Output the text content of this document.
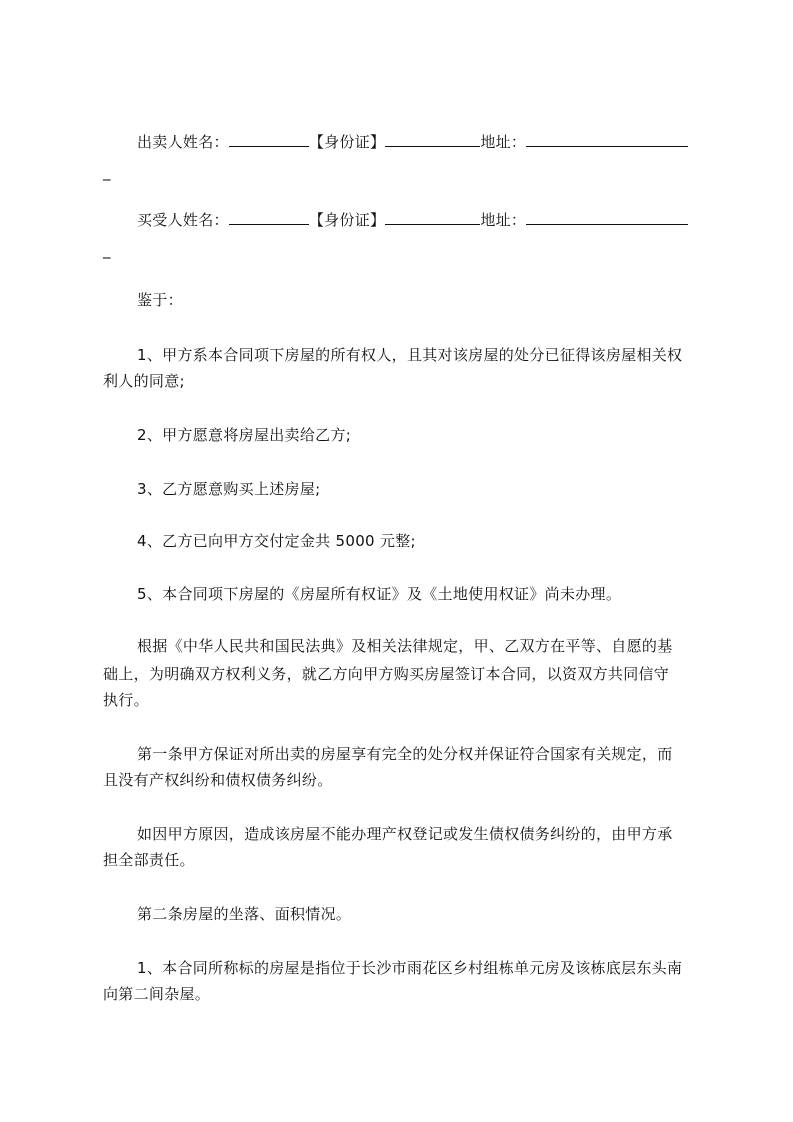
出卖人姓名：	【身份证】	地址：
_
买受人姓名：	【身份证】	地址：
_
鉴于：
1、甲方系本合同项下房屋的所有权人，且其对该房屋的处分已征得该房屋相关权
利人的同意;
2、甲方愿意将房屋出卖给乙方;
3、乙方愿意购买上述房屋;
4、乙方已向甲方交付定金共 5000 元整;
5、本合同项下房屋的《房屋所有权证》及《土地使用权证》尚未办理。
根据《中华人民共和国民法典》及相关法律规定，甲、乙双方在平等、自愿的基
础上，为明确双方权利义务，就乙方向甲方购买房屋签订本合同，以资双方共同信守
执行。
第一条甲方保证对所出卖的房屋享有完全的处分权并保证符合国家有关规定，而
且没有产权纠纷和债权债务纠纷。
如因甲方原因，造成该房屋不能办理产权登记或发生债权债务纠纷的，由甲方承
担全部责任。
第二条房屋的坐落、面积情况。
1、本合同所称标的房屋是指位于长沙市雨花区乡村组栋单元房及该栋底层东头南
向第二间杂屋。
